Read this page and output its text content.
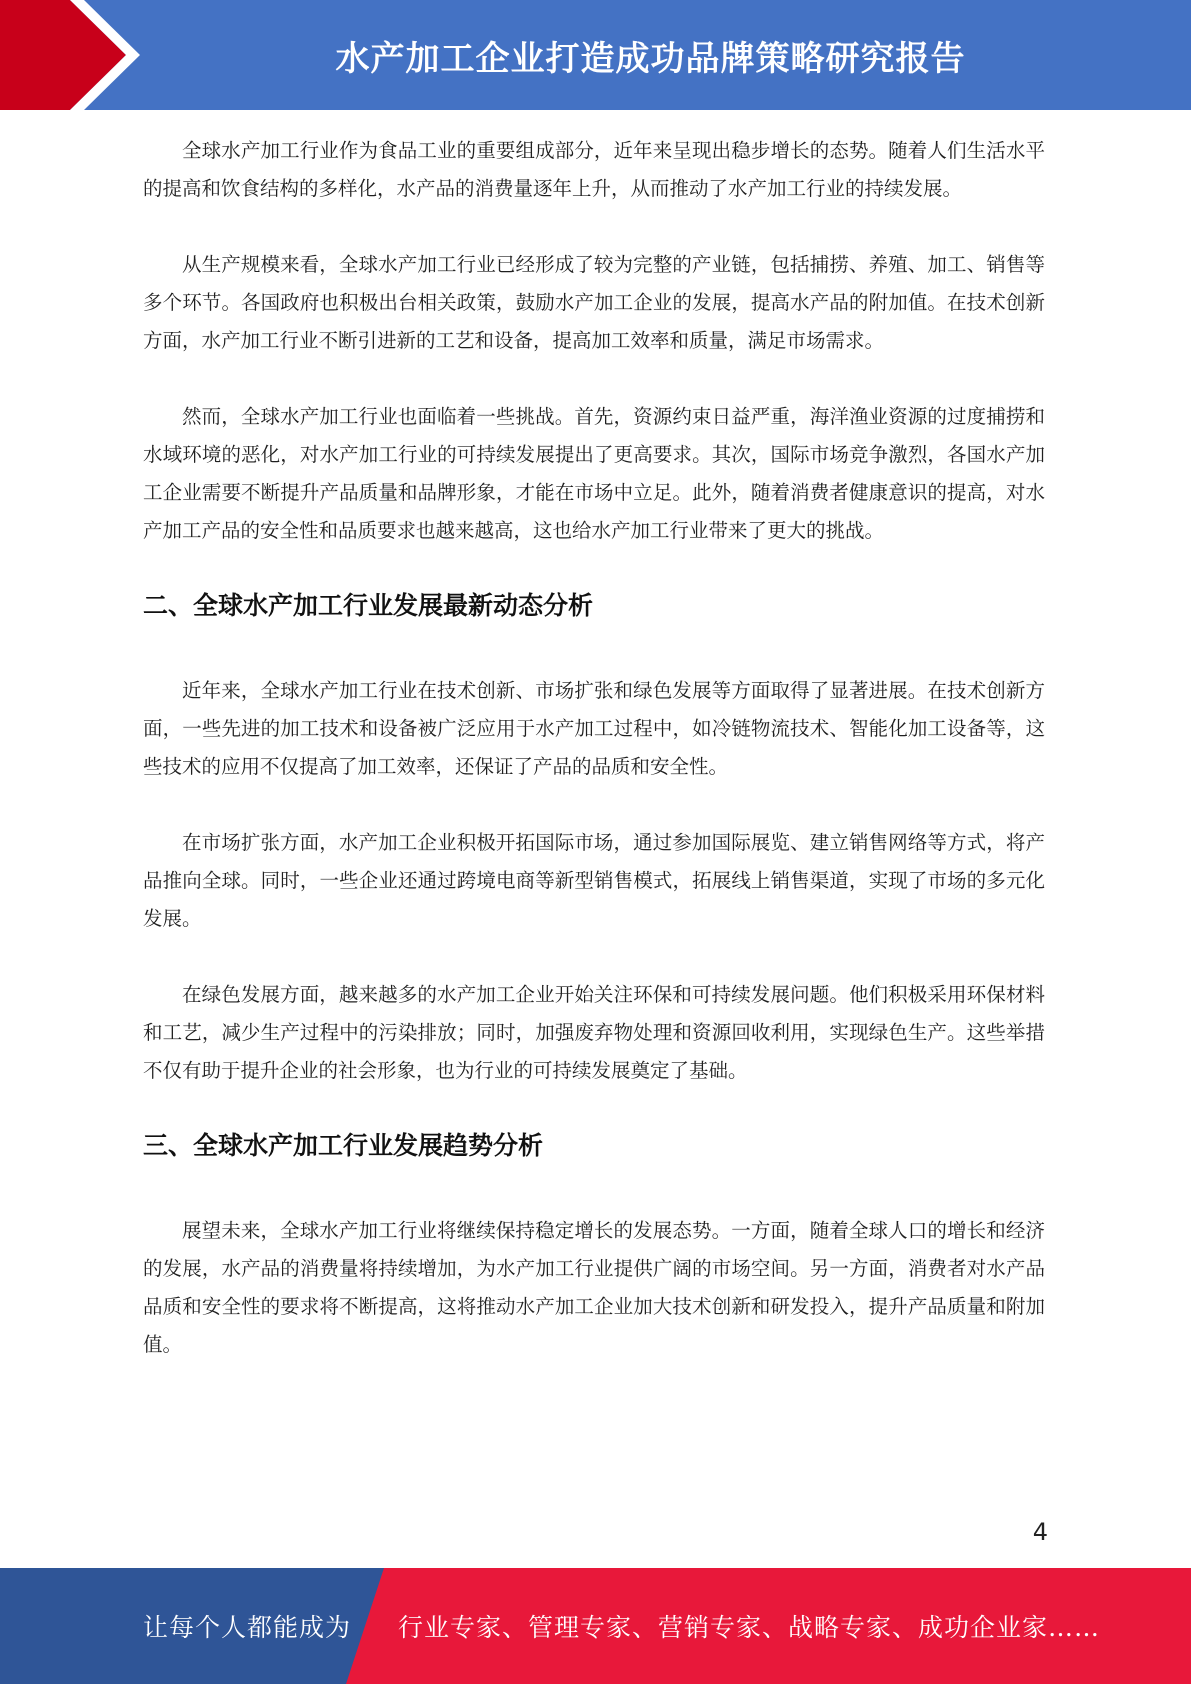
水产加工企业打造成功品牌策略研究报告

全球水产加工行业作为食品工业的重要组成部分，近年来呈现出稳步增长的态势。随着人们生活水平的提高和饮食结构的多样化，水产品的消费量逐年上升，从而推动了水产加工行业的持续发展。

从生产规模来看，全球水产加工行业已经形成了较为完整的产业链，包括捕捞、养殖、加工、销售等多个环节。各国政府也积极出台相关政策，鼓励水产加工企业的发展，提高水产品的附加值。在技术创新方面，水产加工行业不断引进新的工艺和设备，提高加工效率和质量，满足市场需求。

然而，全球水产加工行业也面临着一些挑战。首先，资源约束日益严重，海洋渔业资源的过度捕捞和水域环境的恶化，对水产加工行业的可持续发展提出了更高要求。其次，国际市场竞争激烈，各国水产加工企业需要不断提升产品质量和品牌形象，才能在市场中立足。此外，随着消费者健康意识的提高，对水产加工产品的安全性和品质要求也越来越高，这也给水产加工行业带来了更大的挑战。

二、全球水产加工行业发展最新动态分析

近年来，全球水产加工行业在技术创新、市场扩张和绿色发展等方面取得了显著进展。在技术创新方面，一些先进的加工技术和设备被广泛应用于水产加工过程中，如冷链物流技术、智能化加工设备等，这些技术的应用不仅提高了加工效率，还保证了产品的品质和安全性。

在市场扩张方面，水产加工企业积极开拓国际市场，通过参加国际展览、建立销售网络等方式，将产品推向全球。同时，一些企业还通过跨境电商等新型销售模式，拓展线上销售渠道，实现了市场的多元化发展。

在绿色发展方面，越来越多的水产加工企业开始关注环保和可持续发展问题。他们积极采用环保材料和工艺，减少生产过程中的污染排放；同时，加强废弃物处理和资源回收利用，实现绿色生产。这些举措不仅有助于提升企业的社会形象，也为行业的可持续发展奠定了基础。

三、全球水产加工行业发展趋势分析

展望未来，全球水产加工行业将继续保持稳定增长的发展态势。一方面，随着全球人口的增长和经济的发展，水产品的消费量将持续增加，为水产加工行业提供广阔的市场空间。另一方面，消费者对水产品品质和安全性的要求将不断提高，这将推动水产加工企业加大技术创新和研发投入，提升产品质量和附加值。

4
让每个人都能成为 行业专家、管理专家、营销专家、战略专家、成功企业家……
